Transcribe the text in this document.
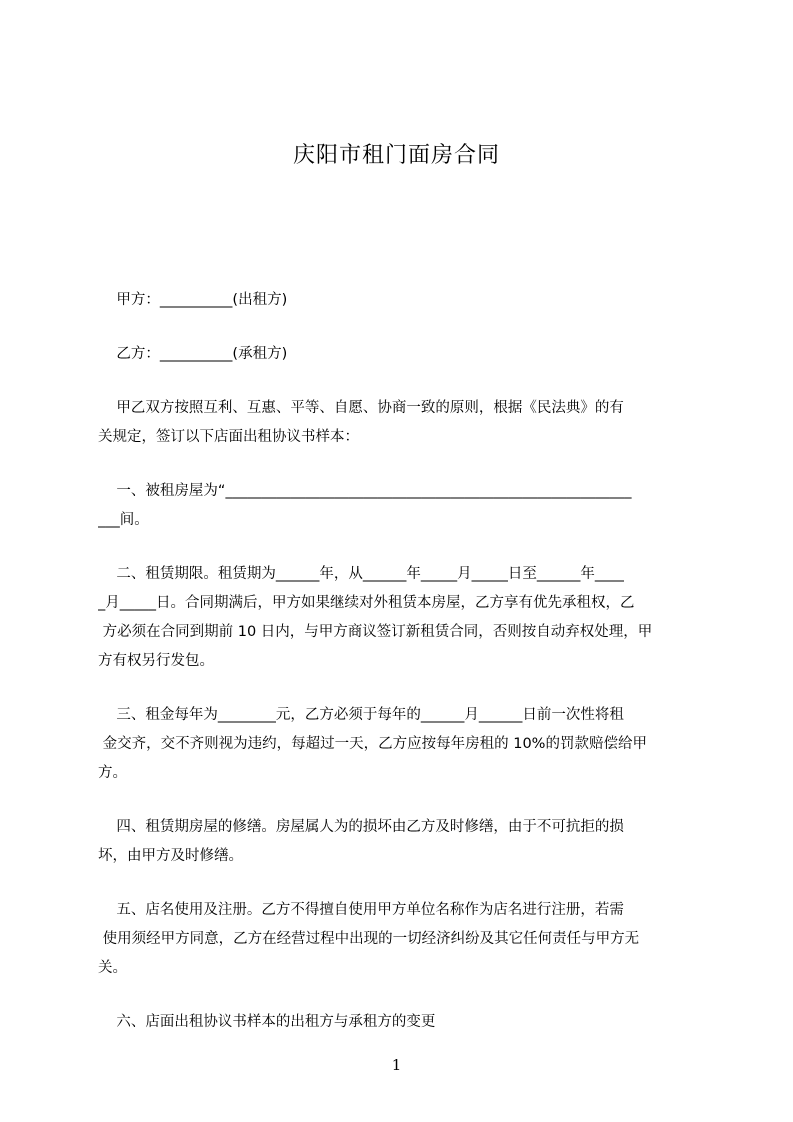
庆阳市租门面房合同

甲方：__________(出租方)

乙方：__________(承租方)

甲乙双方按照互利、互惠、平等、自愿、协商一致的原则，根据《民法典》的有

关规定，签订以下店面出租协议书样本：

一、被租房屋为“________________________________________________________

___间。

二、租赁期限。租赁期为______年，从______年_____月_____日至______年____

_月_____日。合同期满后，甲方如果继续对外租赁本房屋，乙方享有优先承租权，乙

方必须在合同到期前 10 日内，与甲方商议签订新租赁合同，否则按自动弃权处理，甲

方有权另行发包。

三、租金每年为________元，乙方必须于每年的______月______日前一次性将租

金交齐，交不齐则视为违约，每超过一天，乙方应按每年房租的 10%的罚款赔偿给甲

方。

四、租赁期房屋的修缮。房屋属人为的损坏由乙方及时修缮，由于不可抗拒的损

坏，由甲方及时修缮。

五、店名使用及注册。乙方不得擅自使用甲方单位名称作为店名进行注册，若需

使用须经甲方同意，乙方在经营过程中出现的一切经济纠纷及其它任何责任与甲方无

关。

六、店面出租协议书样本的出租方与承租方的变更

1
